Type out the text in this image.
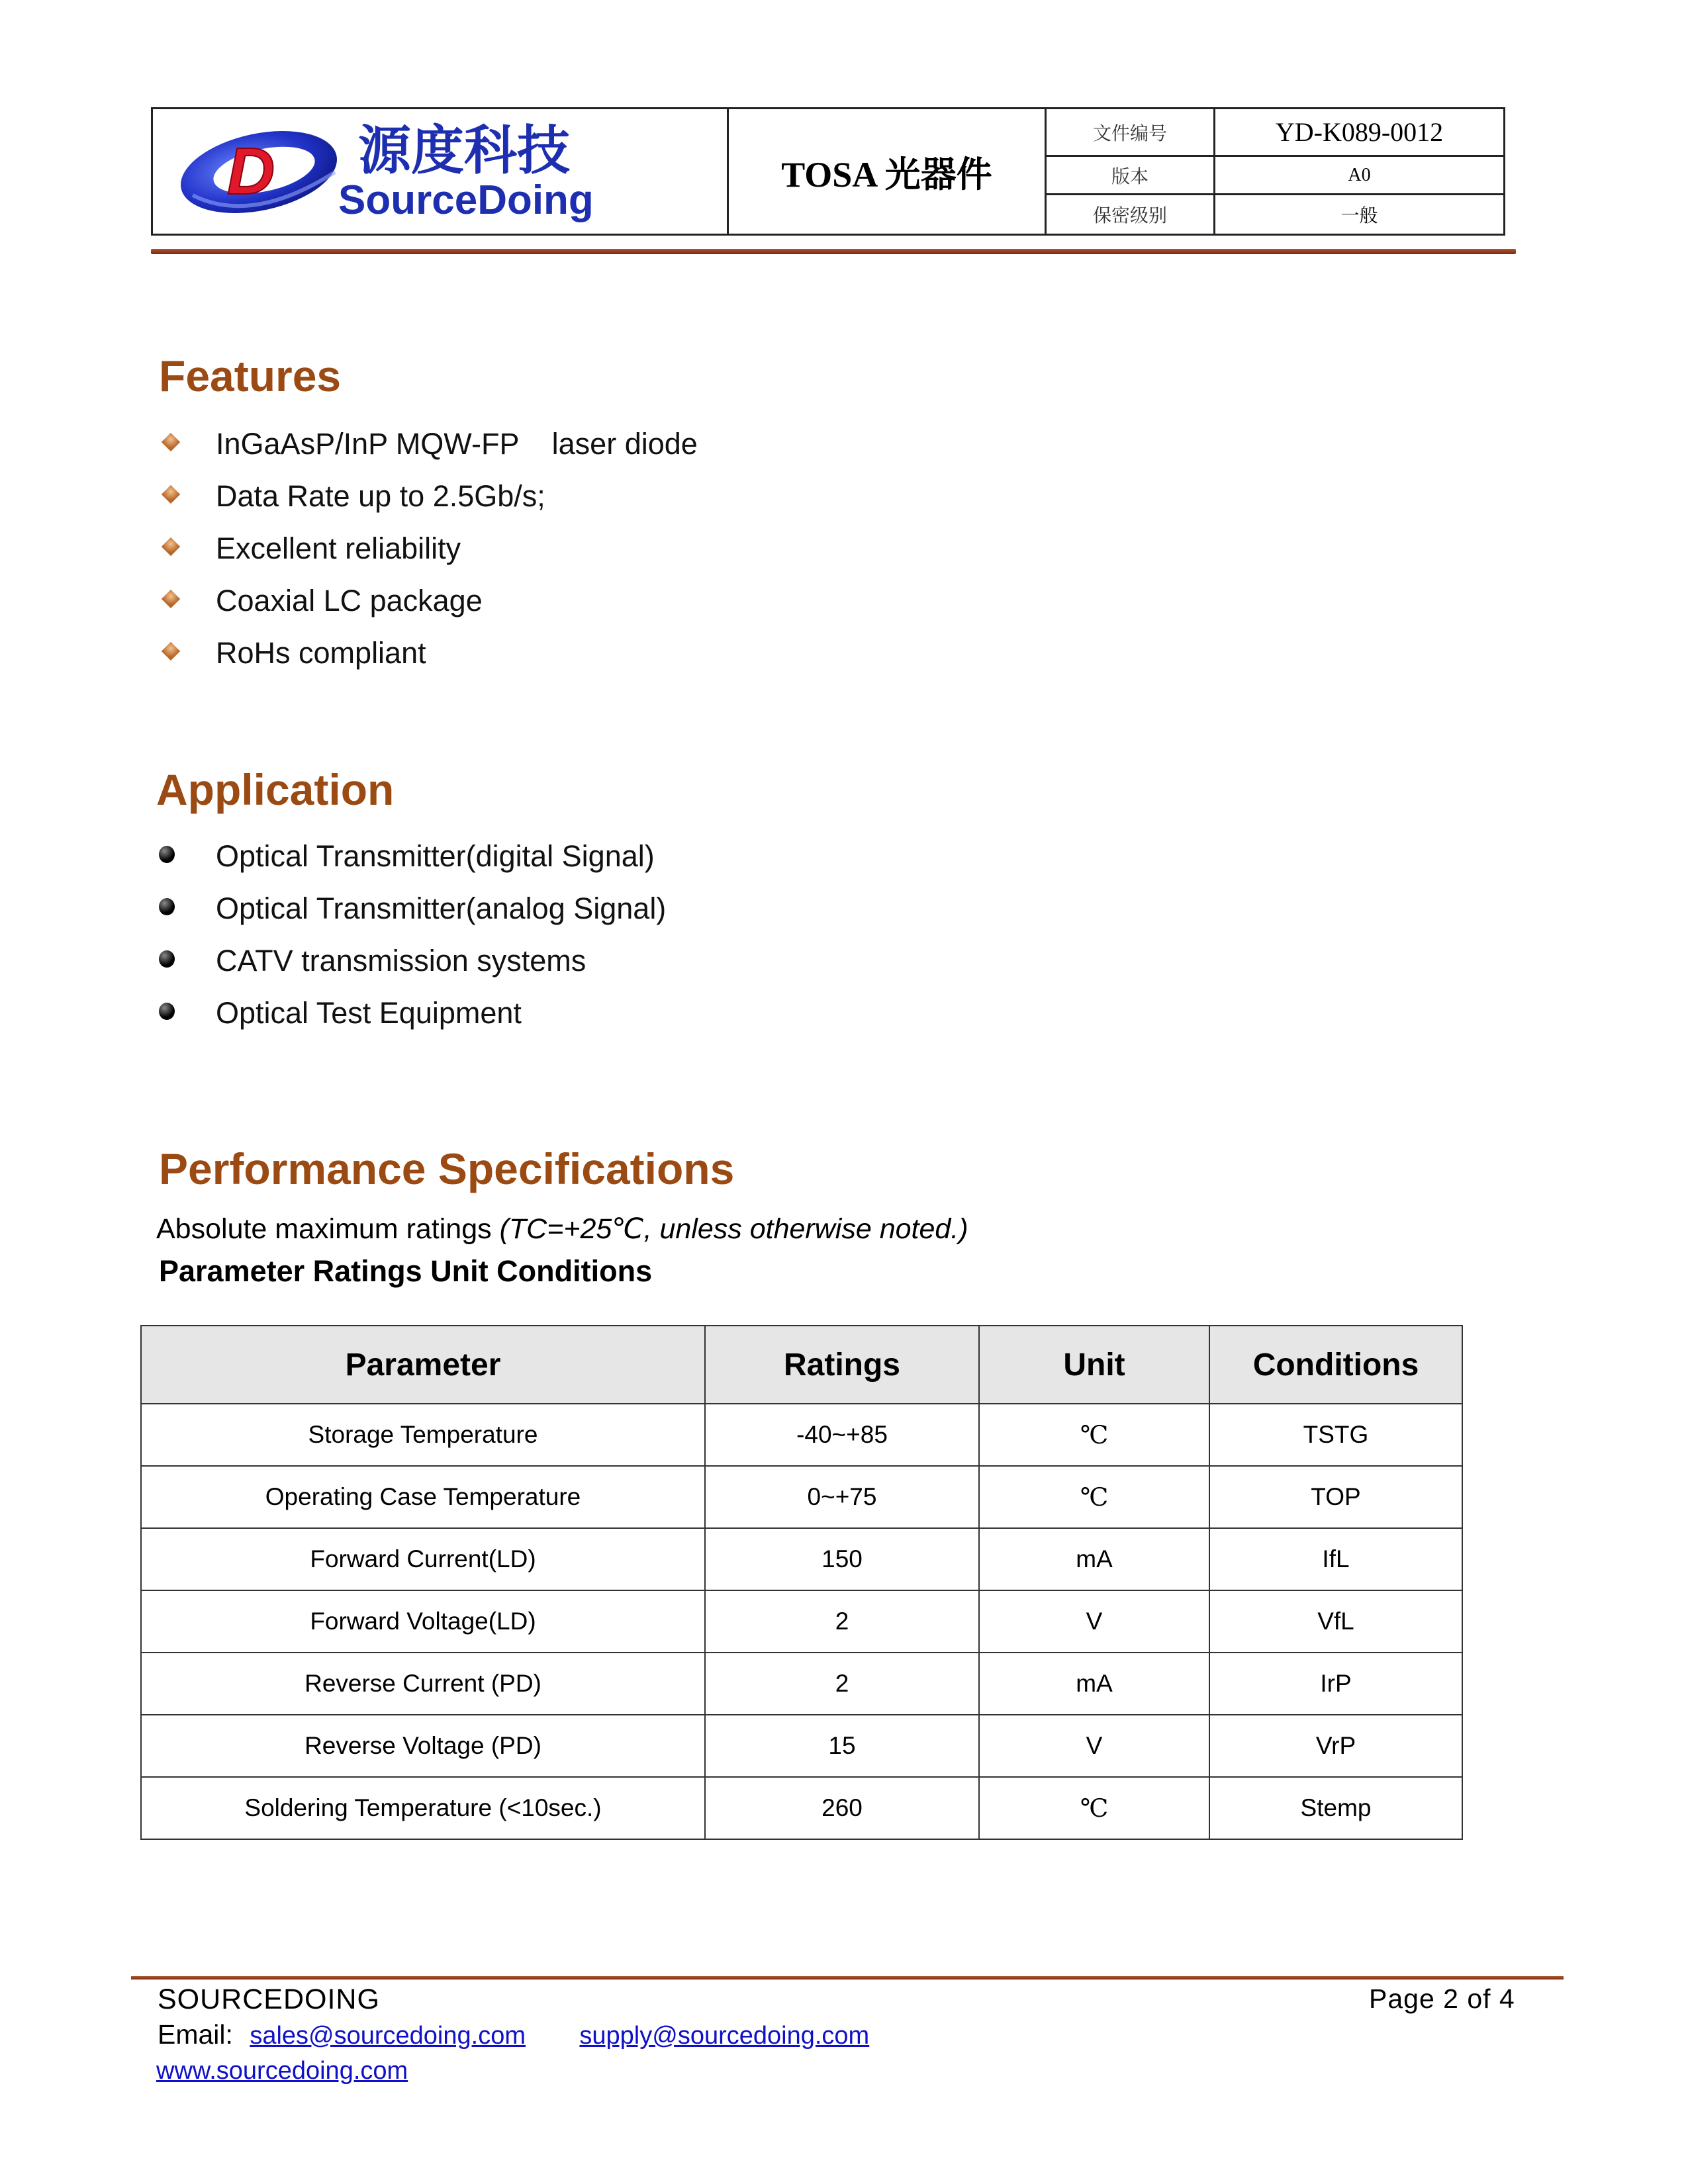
D 源度科技
SourceDoing
TOSA 光器件
文件编号	YD-K089-0012
版本	A0
保密级别	一般
Features
InGaAsP/InP MQW-FP    laser diode
Data Rate up to 2.5Gb/s;
Excellent reliability
Coaxial LC package
RoHs compliant
Application
Optical Transmitter(digital Signal)
Optical Transmitter(analog Signal)
CATV transmission systems
Optical Test Equipment
Performance Specifications
Absolute maximum ratings (TC=+25℃, unless otherwise noted.)
Parameter Ratings Unit Conditions
Parameter	Ratings	Unit	Conditions
Storage Temperature	-40~+85	℃	TSTG
Operating Case Temperature	0~+75	℃	TOP
Forward Current(LD)	150	mA	IfL
Forward Voltage(LD)	2	V	VfL
Reverse Current (PD)	2	mA	IrP
Reverse Voltage (PD)	15	V	VrP
Soldering Temperature (<10sec.)	260	℃	Stemp
SOURCEDOING	Page 2 of 4
Email: sales@sourcedoing.com supply@sourcedoing.com
www.sourcedoing.com
